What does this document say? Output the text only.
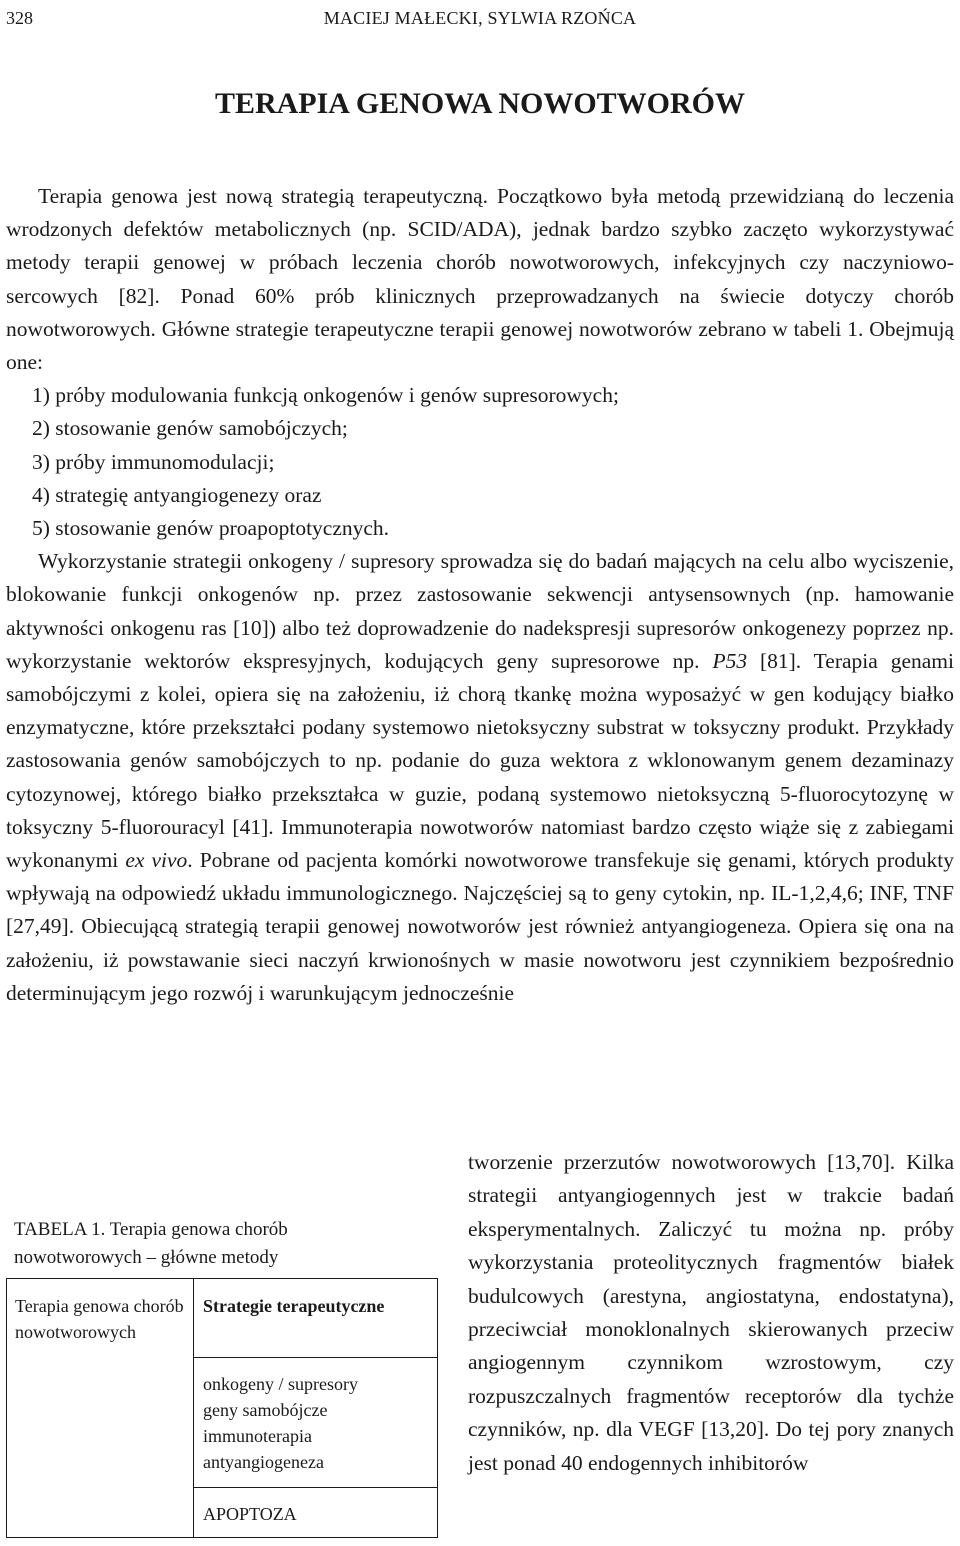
328	MACIEJ MAŁECKI, SYLWIA RZOŃCA
TERAPIA GENOWA NOWOTWORÓW

Terapia genowa jest nową strategią terapeutyczną. Początkowo była metodą przewidzianą do leczenia wrodzonych defektów metabolicznych (np. SCID/ADA), jednak bardzo szybko zaczęto wykorzystywać metody terapii genowej w próbach leczenia chorób nowotworowych, infekcyjnych czy naczyniowo-sercowych [82]. Ponad 60% prób klinicznych przeprowadzanych na świecie dotyczy chorób nowotworowych. Główne strategie terapeutyczne terapii genowej nowotworów zebrano w tabeli 1. Obejmują one:

1) próby modulowania funkcją onkogenów i genów supresorowych;
2) stosowanie genów samobójczych;
3) próby immunomodulacji;
4) strategię antyangiogenezy oraz
5) stosowanie genów proapoptotycznych.

Wykorzystanie strategii onkogeny / supresory sprowadza się do badań mających na celu albo wyciszenie, blokowanie funkcji onkogenów np. przez zastosowanie sekwencji antysensownych (np. hamowanie aktywności onkogenu ras [10]) albo też doprowadzenie do nadekspresji supresorów onkogenezy poprzez np. wykorzystanie wektorów ekspresyjnych, kodujących geny supresorowe np. P53 [81]. Terapia genami samobójczymi z kolei, opiera się na założeniu, iż chorą tkankę można wyposażyć w gen kodujący białko enzymatyczne, które przekształci podany systemowo nietoksyczny substrat w toksyczny produkt. Przykłady zastosowania genów samobójczych to np. podanie do guza wektora z wklonowanym genem dezaminazy cytozynowej, którego białko przekształca w guzie, podaną systemowo nietoksyczną 5-fluorocytozynę w toksyczny 5-fluorouracyl [41]. Immunoterapia nowotworów natomiast bardzo często wiąże się z zabiegami wykonanymi ex vivo. Pobrane od pacjenta komórki nowotworowe transfekuje się genami, których produkty wpływają na odpowiedź układu immunologicznego. Najczęściej są to geny cytokin, np. IL-1,2,4,6; INF, TNF [27,49]. Obiecującą strategią terapii genowej nowotworów jest również antyangiogeneza. Opiera się ona na założeniu, iż powstawanie sieci naczyń krwionośnych w masie nowotworu jest czynnikiem bezpośrednio determinującym jego rozwój i warunkującym jednocześnie

tworzenie przerzutów nowotworowych [13,70]. Kilka strategii antyangiogennych jest w trakcie badań eksperymentalnych. Zaliczyć tu można np. próby wykorzystania proteolitycznych fragmentów białek budulcowych (arestyna, angiostatyna, endostatyna), przeciwciał monoklonalnych skierowanych przeciw angiogennym czynnikom wzrostowym, czy rozpuszczalnych fragmentów receptorów dla tychże czynników, np. dla VEGF [13,20]. Do tej pory znanych jest ponad 40 endogennych inhibitorów

TABELA 1. Terapia genowa chorób
nowotworowych – główne metody
Terapia genowa chorób nowotworowych
Strategie terapeutyczne
onkogeny / supresory
geny samobójcze
immunoterapia
antyangiogeneza
APOPTOZA
